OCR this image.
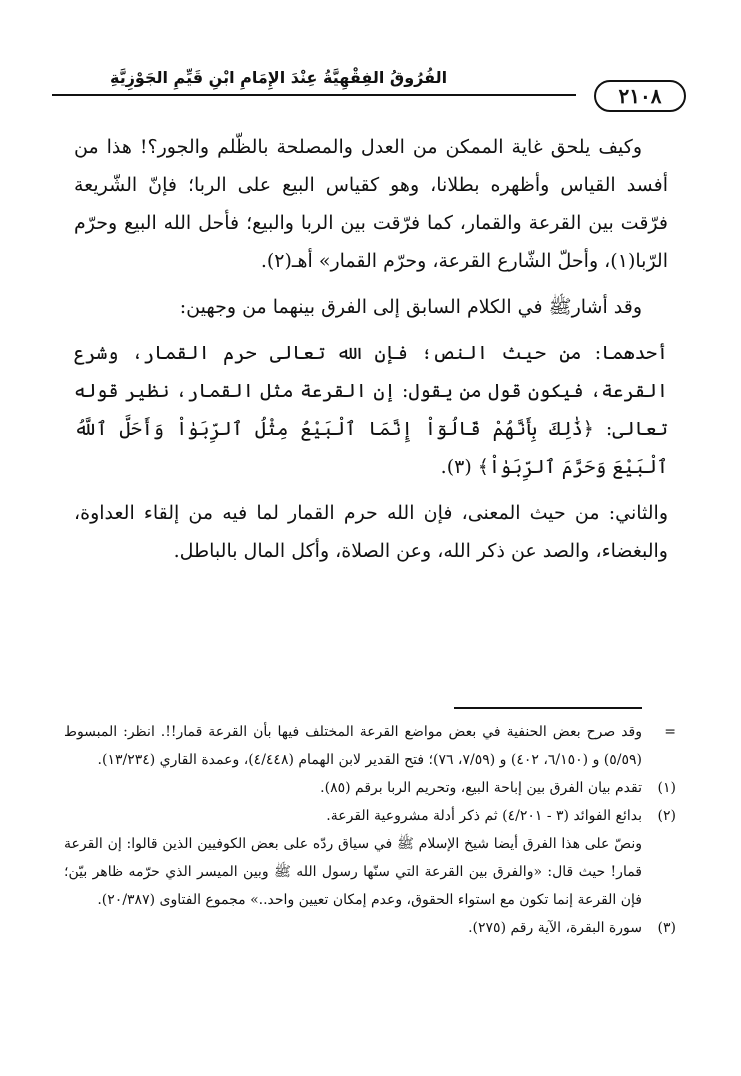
الفُرُوقُ الفِقْهِيَّةُ عِنْدَ الإِمَامِ ابْنِ قَيِّمِ الجَوْزِيَّةِ
٢١٠٨

وكيف يلحق غاية الممكن من العدل والمصلحة بالظّلم والجور؟! هذا من أفسد القياس وأظهره بطلانا، وهو كقياس البيع على الربا؛ فإنّ الشّريعة فرّقت بين القرعة والقمار، كما فرّقت بين الربا والبيع؛ فأحل الله البيع وحرّم الرّبا(١)، وأحلّ الشّارع القرعة، وحرّم القمار» أهـ(٢).

وقد أشارﷺ في الكلام السابق إلى الفرق بينهما من وجهين:

أحدهما: من حيث النص؛ فإن الله تعالى حرم القمار، وشرع القرعة، فيكون قول من يقول: إن القرعة مثل القمار، نظير قوله تعالى: ﴿ذَٰلِكَ بِأَنَّهُمْ قَالُوٓاْ إِنَّمَا ٱلْبَيْعُ مِثْلُ ٱلرِّبَوٰاْ وَأَحَلَّ ٱللَّهُ ٱلْبَيْعَ وَحَرَّمَ ٱلرِّبَوٰاْ﴾ (٣).

والثاني: من حيث المعنى، فإن الله حرم القمار لما فيه من إلقاء العداوة، والبغضاء، والصد عن ذكر الله، وعن الصلاة، وأكل المال بالباطل.

=
وقد صرح بعض الحنفية في بعض مواضع القرعة المختلف فيها بأن القرعة قمار!!. انظر: المبسوط (٥/٥٩) و (٦/١٥٠، ٤٠٢) و (٧/٥٩، ٧٦)؛ فتح القدير لابن الهمام (٤/٤٤٨)، وعمدة القاري (١٣/٢٣٤).
(١)
تقدم بيان الفرق بين إباحة البيع، وتحريم الربا برقم (٨٥).
(٢)
بدائع الفوائد (٣ - ٤/٢٠١) ثم ذكر أدلة مشروعية القرعة.
ونصّ على هذا الفرق أيضا شيخ الإسلام ﷺ في سياق ردّه على بعض الكوفيين الذين قالوا: إن القرعة قمار! حيث قال: «والفرق بين القرعة التي سنّها رسول الله ﷺ وبين الميسر الذي حرّمه ظاهر بيّن؛ فإن القرعة إنما تكون مع استواء الحقوق، وعدم إمكان تعيين واحد..» مجموع الفتاوى (٢٠/٣٨٧).
(٣)
سورة البقرة، الآية رقم (٢٧٥).
